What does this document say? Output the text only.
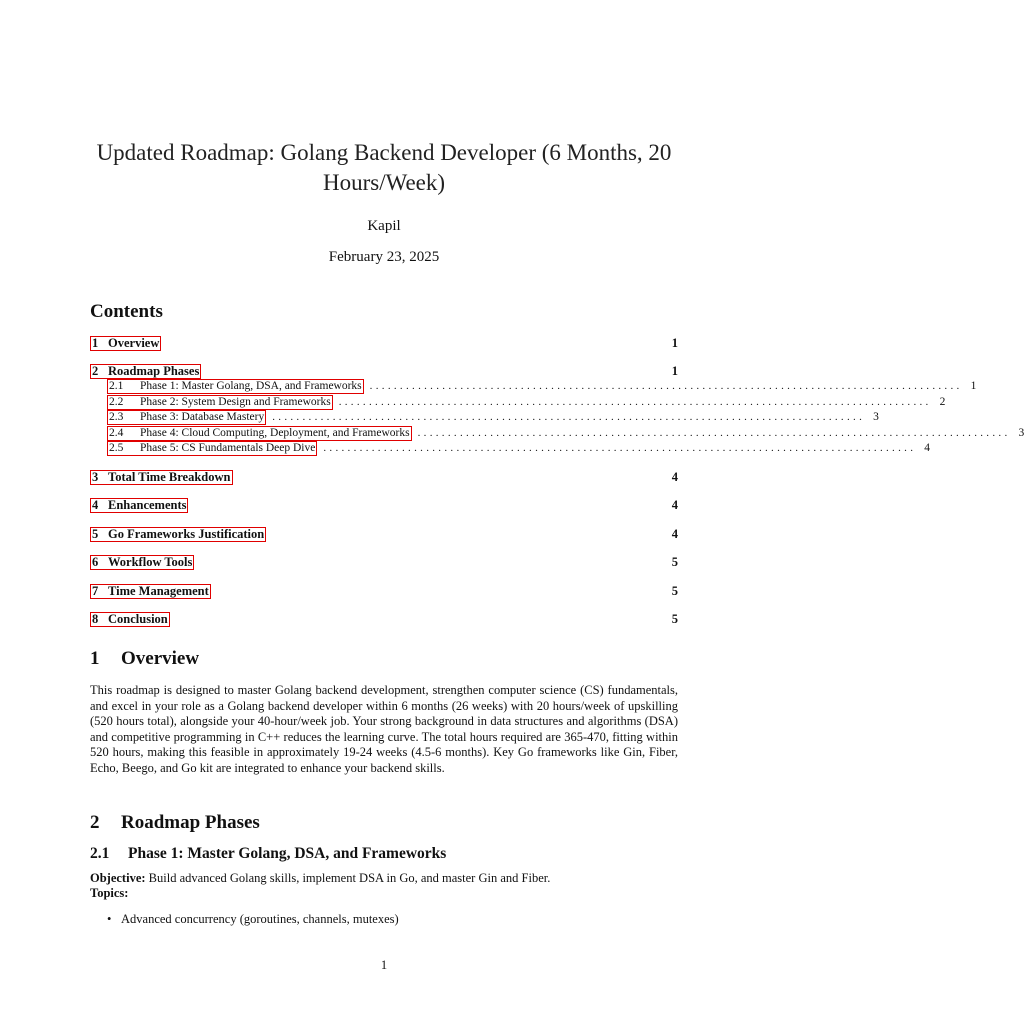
Updated Roadmap: Golang Backend Developer (6 Months, 20 Hours/Week)
Kapil
February 23, 2025
Contents
1 Overview	1
2 Roadmap Phases	1
2.1 Phase 1: Master Golang, DSA, and Frameworks .................................................................................................. 1
2.2 Phase 2: System Design and Frameworks .................................................................................................. 2
2.3 Phase 3: Database Mastery .................................................................................................. 3
2.4 Phase 4: Cloud Computing, Deployment, and Frameworks .................................................................................................. 3
2.5 Phase 5: CS Fundamentals Deep Dive .................................................................................................. 4
3 Total Time Breakdown	4
4 Enhancements	4
5 Go Frameworks Justification	4
6 Workflow Tools	5
7 Time Management	5
8 Conclusion	5
1 Overview
This roadmap is designed to master Golang backend development, strengthen computer science (CS) fundamentals, and excel in your role as a Golang backend developer within 6 months (26 weeks) with 20 hours/week of upskilling (520 hours total), alongside your 40-hour/week job. Your strong background in data structures and algorithms (DSA) and competitive programming in C++ reduces the learning curve. The total hours required are 365-470, fitting within 520 hours, making this feasible in approximately 19-24 weeks (4.5-6 months). Key Go frameworks like Gin, Fiber, Echo, Beego, and Go kit are integrated to enhance your backend skills.
2 Roadmap Phases
2.1 Phase 1: Master Golang, DSA, and Frameworks
Objective: Build advanced Golang skills, implement DSA in Go, and master Gin and Fiber.
Topics:
• Advanced concurrency (goroutines, channels, mutexes)
1
